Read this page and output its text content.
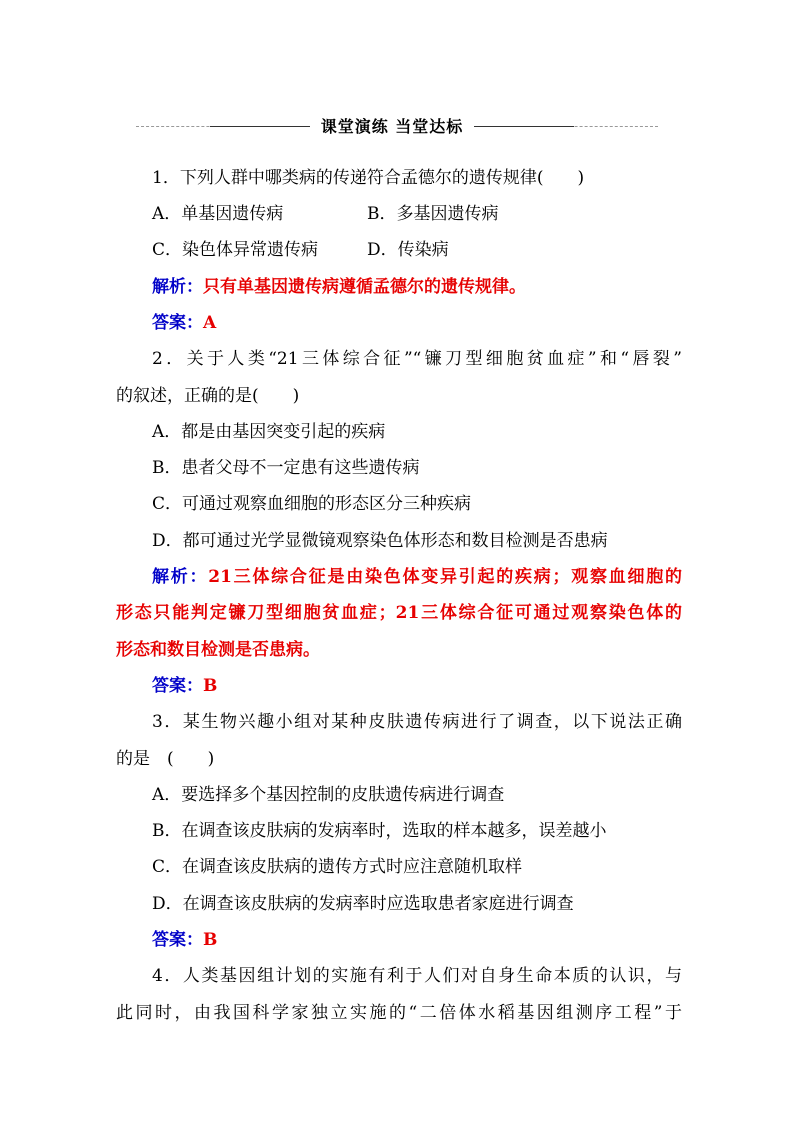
课堂演练 当堂达标
1．下列人群中哪类病的传递符合孟德尔的遗传规律(　　)
A．单基因遗传病	B．多基因遗传病
C．染色体异常遗传病	D．传染病
解析：只有单基因遗传病遵循孟德尔的遗传规律。
答案：A
2．关于人类“21三体综合征”“镰刀型细胞贫血症”和“唇裂”
的叙述，正确的是(　　)
A．都是由基因突变引起的疾病
B．患者父母不一定患有这些遗传病
C．可通过观察血细胞的形态区分三种疾病
D．都可通过光学显微镜观察染色体形态和数目检测是否患病
解析：21三体综合征是由染色体变异引起的疾病；观察血细胞的
形态只能判定镰刀型细胞贫血症；21三体综合征可通过观察染色体的
形态和数目检测是否患病。
答案：B
3．某生物兴趣小组对某种皮肤遗传病进行了调查，以下说法正确
的是　(　　)
A．要选择多个基因控制的皮肤遗传病进行调查
B．在调查该皮肤病的发病率时，选取的样本越多，误差越小
C．在调查该皮肤病的遗传方式时应注意随机取样
D．在调查该皮肤病的发病率时应选取患者家庭进行调查
答案：B
4．人类基因组计划的实施有利于人们对自身生命本质的认识，与
此同时，由我国科学家独立实施的“二倍体水稻基因组测序工程”于
